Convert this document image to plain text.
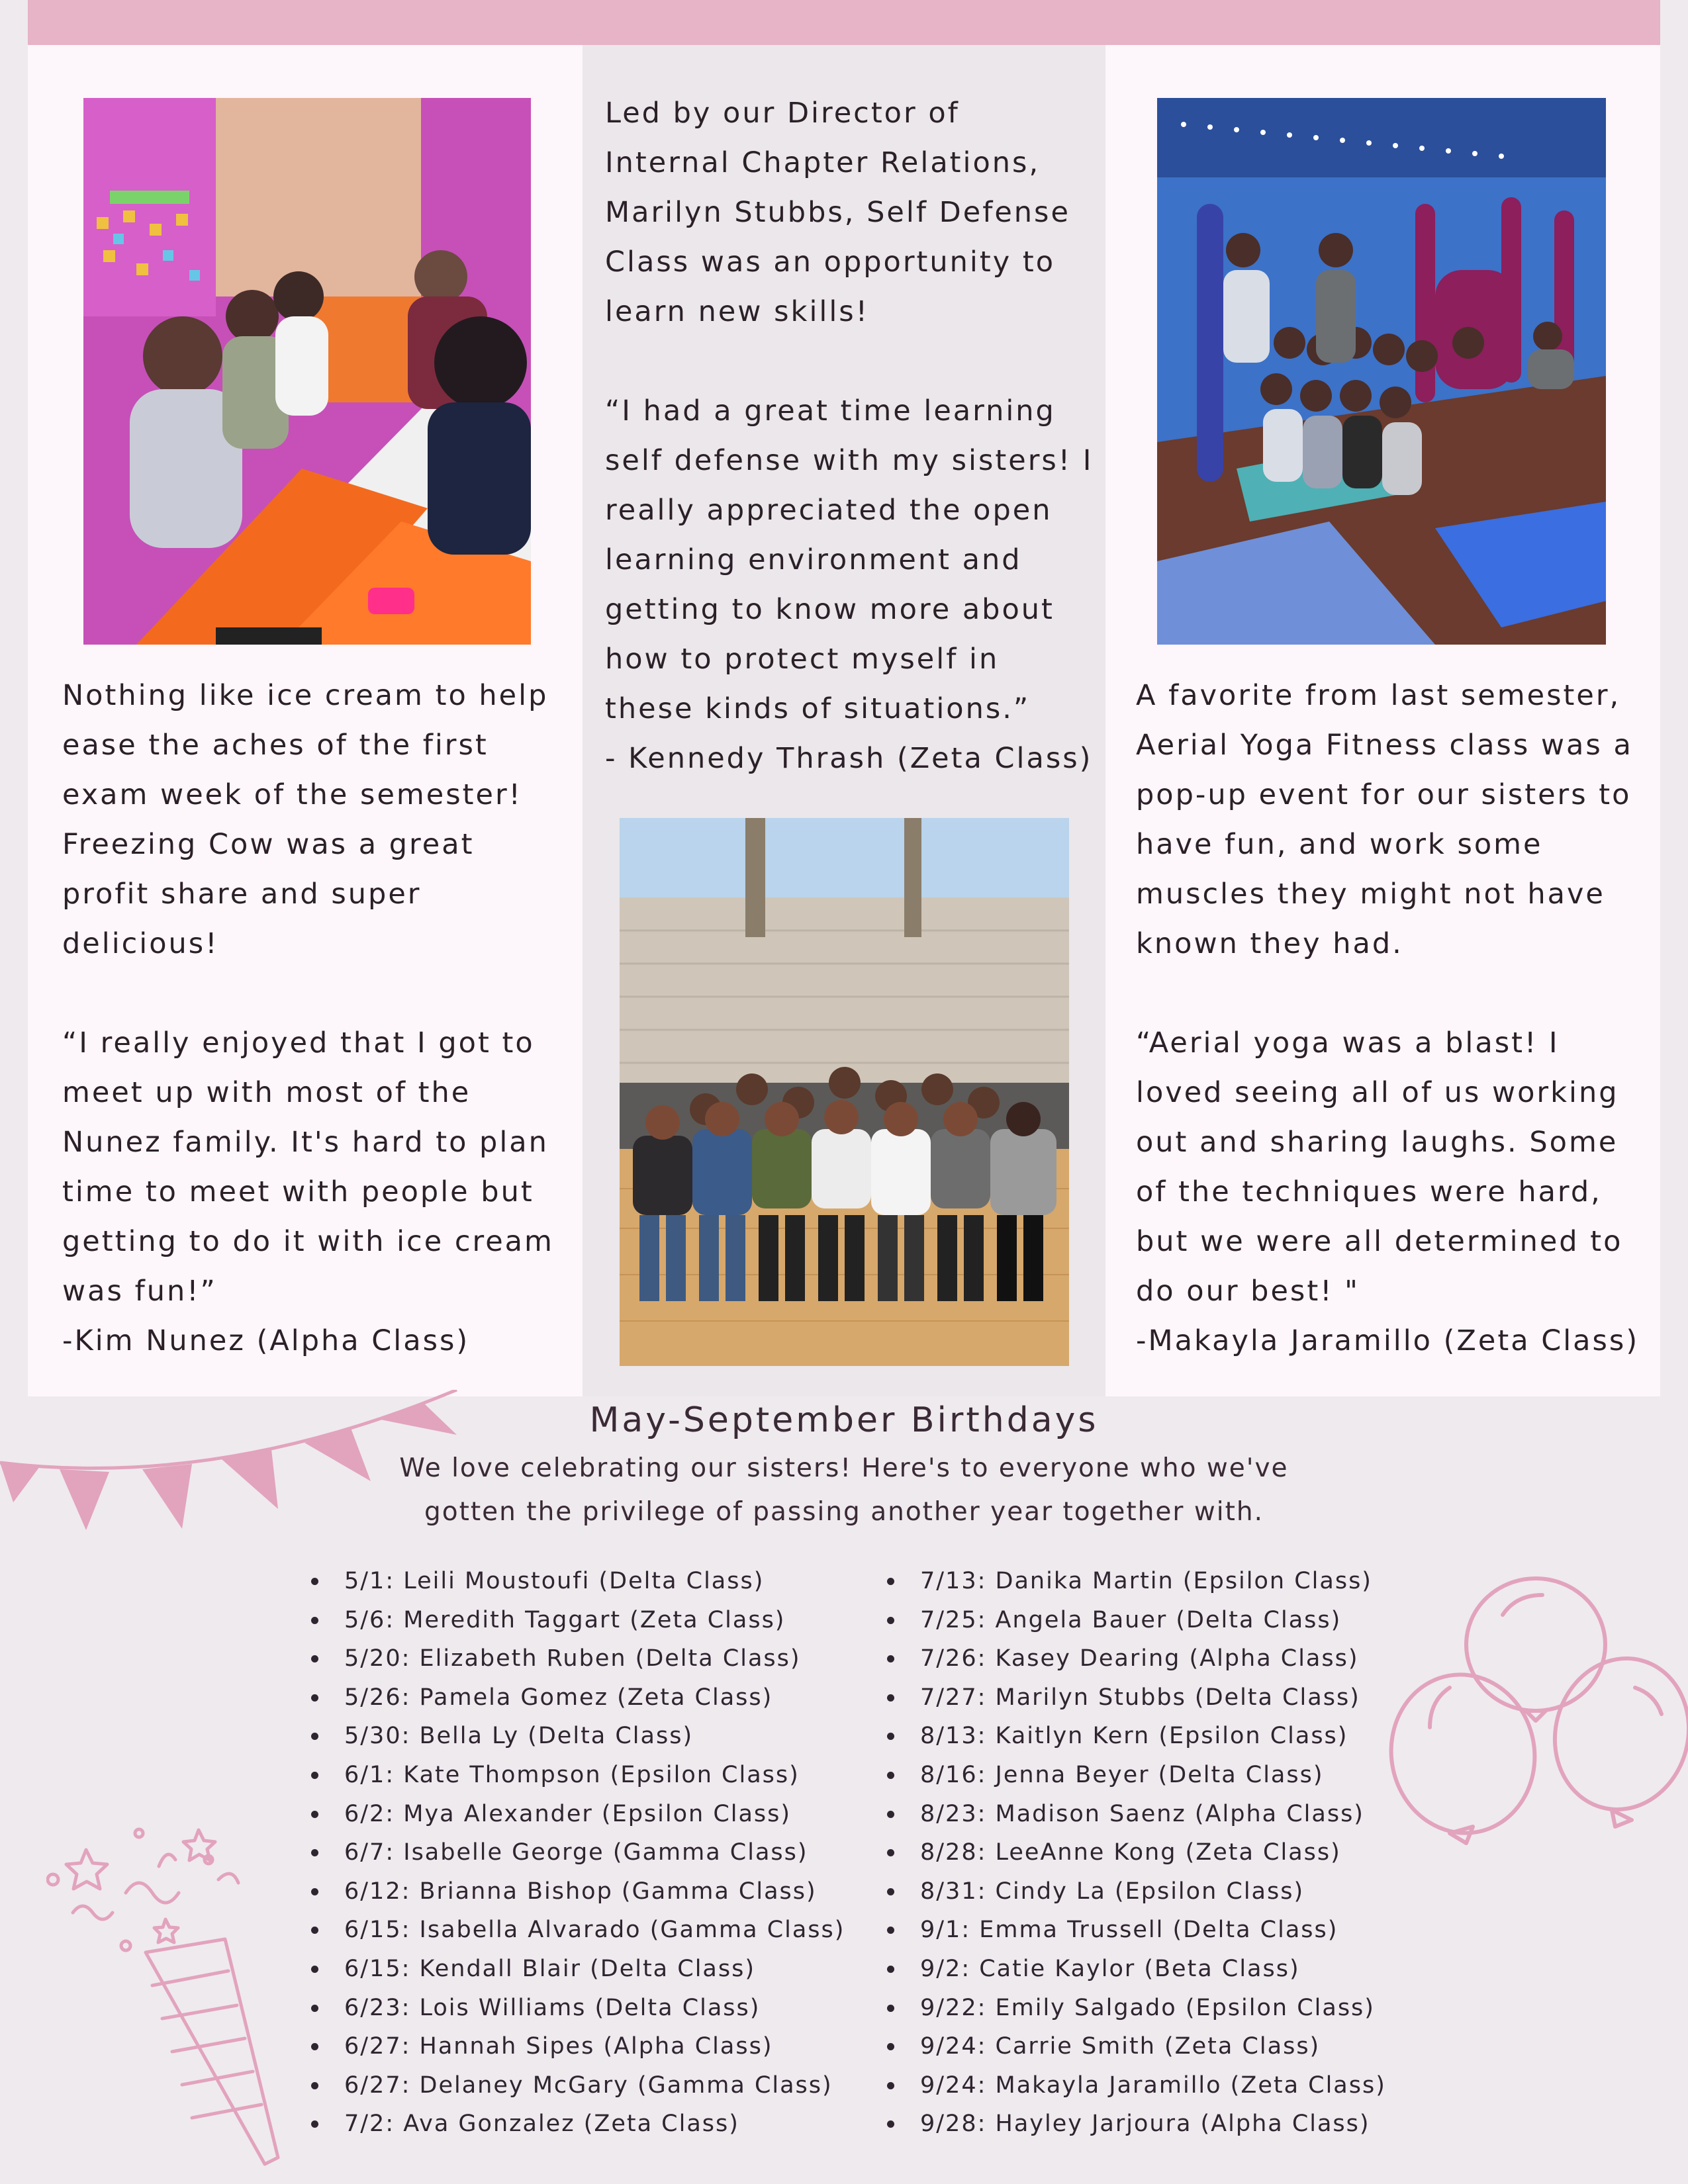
Nothing like ice cream to help
ease the aches of the first
exam week of the semester!
Freezing Cow was a great
profit share and super
delicious!

“I really enjoyed that I got to
meet up with most of the
Nunez family. It's hard to plan
time to meet with people but
getting to do it with ice cream
was fun!”
-Kim Nunez (Alpha Class)
Led by our Director of
Internal Chapter Relations,
Marilyn Stubbs, Self Defense
Class was an opportunity to
learn new skills!

“I had a great time learning
self defense with my sisters! I
really appreciated the open
learning environment and
getting to know more about
how to protect myself in
these kinds of situations.”
- Kennedy Thrash (Zeta Class)
A favorite from last semester,
Aerial Yoga Fitness class was a
pop-up event for our sisters to
have fun, and work some
muscles they might not have
known they had.

“Aerial yoga was a blast! I
loved seeing all of us working
out and sharing laughs. Some
of the techniques were hard,
but we were all determined to
do our best! "
-Makayla Jaramillo (Zeta Class)
May-September Birthdays
We love celebrating our sisters! Here's to everyone who we've
gotten the privilege of passing another year together with.
5/1: Leili Moustoufi (Delta Class)
5/6: Meredith Taggart (Zeta Class)
5/20: Elizabeth Ruben (Delta Class)
5/26: Pamela Gomez (Zeta Class)
5/30: Bella Ly (Delta Class)
6/1: Kate Thompson (Epsilon Class)
6/2: Mya Alexander (Epsilon Class)
6/7: Isabelle George (Gamma Class)
6/12: Brianna Bishop (Gamma Class)
6/15: Isabella Alvarado (Gamma Class)
6/15: Kendall Blair (Delta Class)
6/23: Lois Williams (Delta Class)
6/27: Hannah Sipes (Alpha Class)
6/27: Delaney McGary (Gamma Class)
7/2: Ava Gonzalez (Zeta Class)
7/13: Danika Martin (Epsilon Class)
7/25: Angela Bauer (Delta Class)
7/26: Kasey Dearing (Alpha Class)
7/27: Marilyn Stubbs (Delta Class)
8/13: Kaitlyn Kern (Epsilon Class)
8/16: Jenna Beyer (Delta Class)
8/23: Madison Saenz (Alpha Class)
8/28: LeeAnne Kong (Zeta Class)
8/31: Cindy La (Epsilon Class)
9/1: Emma Trussell (Delta Class)
9/2: Catie Kaylor (Beta Class)
9/22: Emily Salgado (Epsilon Class)
9/24: Carrie Smith (Zeta Class)
9/24: Makayla Jaramillo (Zeta Class)
9/28: Hayley Jarjoura (Alpha Class)
